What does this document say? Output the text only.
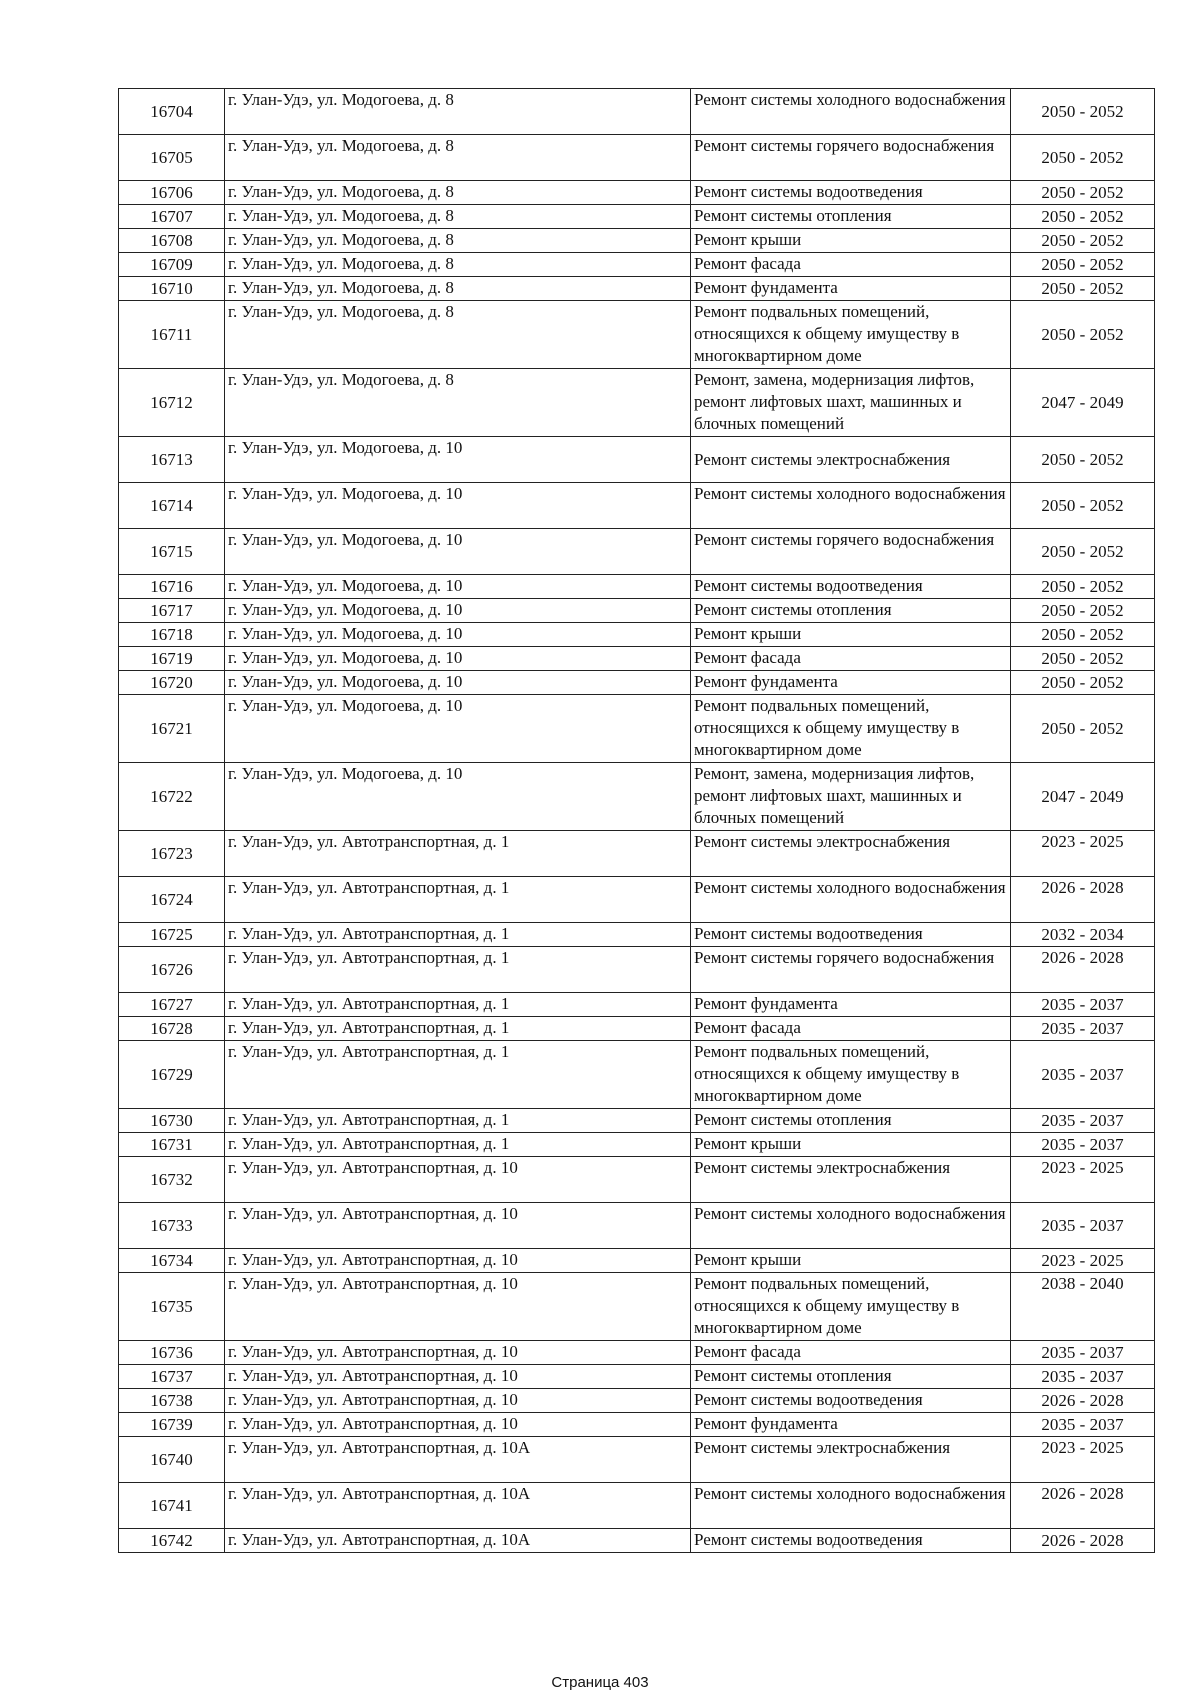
16704	г. Улан-Удэ, ул. Модогоева, д. 8	Ремонт системы холодного водоснабжения	2050 - 2052
16705	г. Улан-Удэ, ул. Модогоева, д. 8	Ремонт системы горячего водоснабжения	2050 - 2052
16706	г. Улан-Удэ, ул. Модогоева, д. 8	Ремонт системы водоотведения	2050 - 2052
16707	г. Улан-Удэ, ул. Модогоева, д. 8	Ремонт системы отопления	2050 - 2052
16708	г. Улан-Удэ, ул. Модогоева, д. 8	Ремонт крыши	2050 - 2052
16709	г. Улан-Удэ, ул. Модогоева, д. 8	Ремонт фасада	2050 - 2052
16710	г. Улан-Удэ, ул. Модогоева, д. 8	Ремонт фундамента	2050 - 2052
16711	г. Улан-Удэ, ул. Модогоева, д. 8	Ремонт подвальных помещений, относящихся к общему имуществу в многоквартирном доме	2050 - 2052
16712	г. Улан-Удэ, ул. Модогоева, д. 8	Ремонт, замена, модернизация лифтов, ремонт лифтовых шахт, машинных и блочных помещений	2047 - 2049
16713	г. Улан-Удэ, ул. Модогоева, д. 10	Ремонт системы электроснабжения	2050 - 2052
16714	г. Улан-Удэ, ул. Модогоева, д. 10	Ремонт системы холодного водоснабжения	2050 - 2052
16715	г. Улан-Удэ, ул. Модогоева, д. 10	Ремонт системы горячего водоснабжения	2050 - 2052
16716	г. Улан-Удэ, ул. Модогоева, д. 10	Ремонт системы водоотведения	2050 - 2052
16717	г. Улан-Удэ, ул. Модогоева, д. 10	Ремонт системы отопления	2050 - 2052
16718	г. Улан-Удэ, ул. Модогоева, д. 10	Ремонт крыши	2050 - 2052
16719	г. Улан-Удэ, ул. Модогоева, д. 10	Ремонт фасада	2050 - 2052
16720	г. Улан-Удэ, ул. Модогоева, д. 10	Ремонт фундамента	2050 - 2052
16721	г. Улан-Удэ, ул. Модогоева, д. 10	Ремонт подвальных помещений, относящихся к общему имуществу в многоквартирном доме	2050 - 2052
16722	г. Улан-Удэ, ул. Модогоева, д. 10	Ремонт, замена, модернизация лифтов, ремонт лифтовых шахт, машинных и блочных помещений	2047 - 2049
16723	г. Улан-Удэ, ул. Автотранспортная, д. 1	Ремонт системы электроснабжения	2023 - 2025
16724	г. Улан-Удэ, ул. Автотранспортная, д. 1	Ремонт системы холодного водоснабжения	2026 - 2028
16725	г. Улан-Удэ, ул. Автотранспортная, д. 1	Ремонт системы водоотведения	2032 - 2034
16726	г. Улан-Удэ, ул. Автотранспортная, д. 1	Ремонт системы горячего водоснабжения	2026 - 2028
16727	г. Улан-Удэ, ул. Автотранспортная, д. 1	Ремонт фундамента	2035 - 2037
16728	г. Улан-Удэ, ул. Автотранспортная, д. 1	Ремонт фасада	2035 - 2037
16729	г. Улан-Удэ, ул. Автотранспортная, д. 1	Ремонт подвальных помещений, относящихся к общему имуществу в многоквартирном доме	2035 - 2037
16730	г. Улан-Удэ, ул. Автотранспортная, д. 1	Ремонт системы отопления	2035 - 2037
16731	г. Улан-Удэ, ул. Автотранспортная, д. 1	Ремонт крыши	2035 - 2037
16732	г. Улан-Удэ, ул. Автотранспортная, д. 10	Ремонт системы электроснабжения	2023 - 2025
16733	г. Улан-Удэ, ул. Автотранспортная, д. 10	Ремонт системы холодного водоснабжения	2035 - 2037
16734	г. Улан-Удэ, ул. Автотранспортная, д. 10	Ремонт крыши	2023 - 2025
16735	г. Улан-Удэ, ул. Автотранспортная, д. 10	Ремонт подвальных помещений, относящихся к общему имуществу в многоквартирном доме	2038 - 2040
16736	г. Улан-Удэ, ул. Автотранспортная, д. 10	Ремонт фасада	2035 - 2037
16737	г. Улан-Удэ, ул. Автотранспортная, д. 10	Ремонт системы отопления	2035 - 2037
16738	г. Улан-Удэ, ул. Автотранспортная, д. 10	Ремонт системы водоотведения	2026 - 2028
16739	г. Улан-Удэ, ул. Автотранспортная, д. 10	Ремонт фундамента	2035 - 2037
16740	г. Улан-Удэ, ул. Автотранспортная, д. 10А	Ремонт системы электроснабжения	2023 - 2025
16741	г. Улан-Удэ, ул. Автотранспортная, д. 10А	Ремонт системы холодного водоснабжения	2026 - 2028
16742	г. Улан-Удэ, ул. Автотранспортная, д. 10А	Ремонт системы водоотведения	2026 - 2028
Страница 403
